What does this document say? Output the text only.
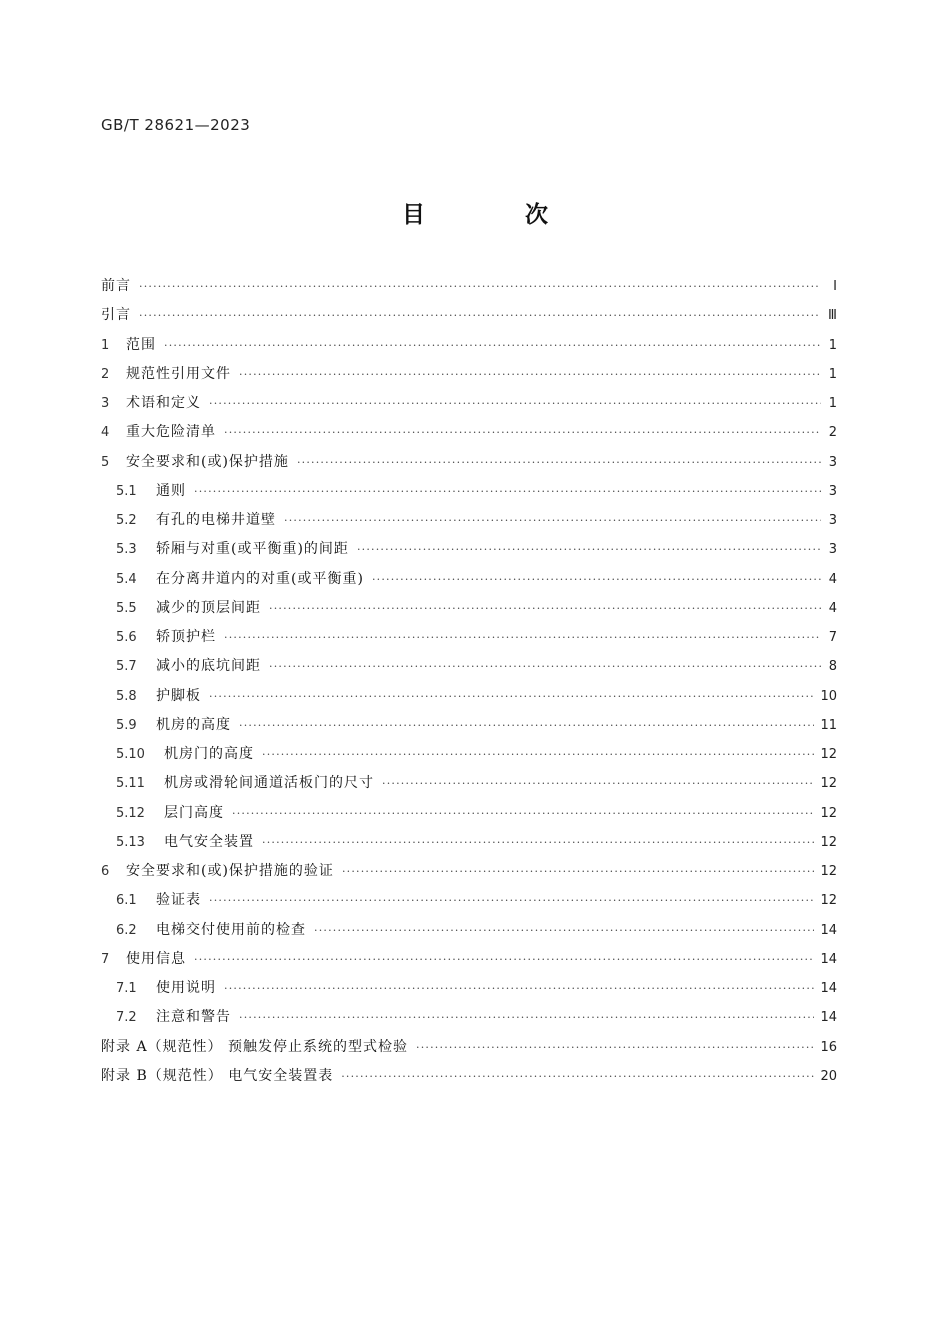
GB/T 28621—2023
目 次
前言 ·····	Ⅰ
引言 ·····	Ⅲ
1	范围 ·····	1
2	规范性引用文件 ·····	1
3	术语和定义 ·····	1
4	重大危险清单 ·····	2
5	安全要求和(或)保护措施 ·····	3
5.1	通则 ·····	3
5.2	有孔的电梯井道壁 ·····	3
5.3	轿厢与对重(或平衡重)的间距 ·····	3
5.4	在分离井道内的对重(或平衡重) ·····	4
5.5	减少的顶层间距 ·····	4
5.6	轿顶护栏 ·····	7
5.7	减小的底坑间距 ·····	8
5.8	护脚板 ·····	10
5.9	机房的高度 ·····	11
5.10	机房门的高度 ·····	12
5.11	机房或滑轮间通道活板门的尺寸 ·····	12
5.12	层门高度 ·····	12
5.13	电气安全装置 ·····	12
6	安全要求和(或)保护措施的验证 ·····	12
6.1	验证表 ·····	12
6.2	电梯交付使用前的检查 ·····	14
7	使用信息 ·····	14
7.1	使用说明 ·····	14
7.2	注意和警告 ·····	14
附录 A（规范性） 预触发停止系统的型式检验 ·····	16
附录 B（规范性） 电气安全装置表 ·····	20
